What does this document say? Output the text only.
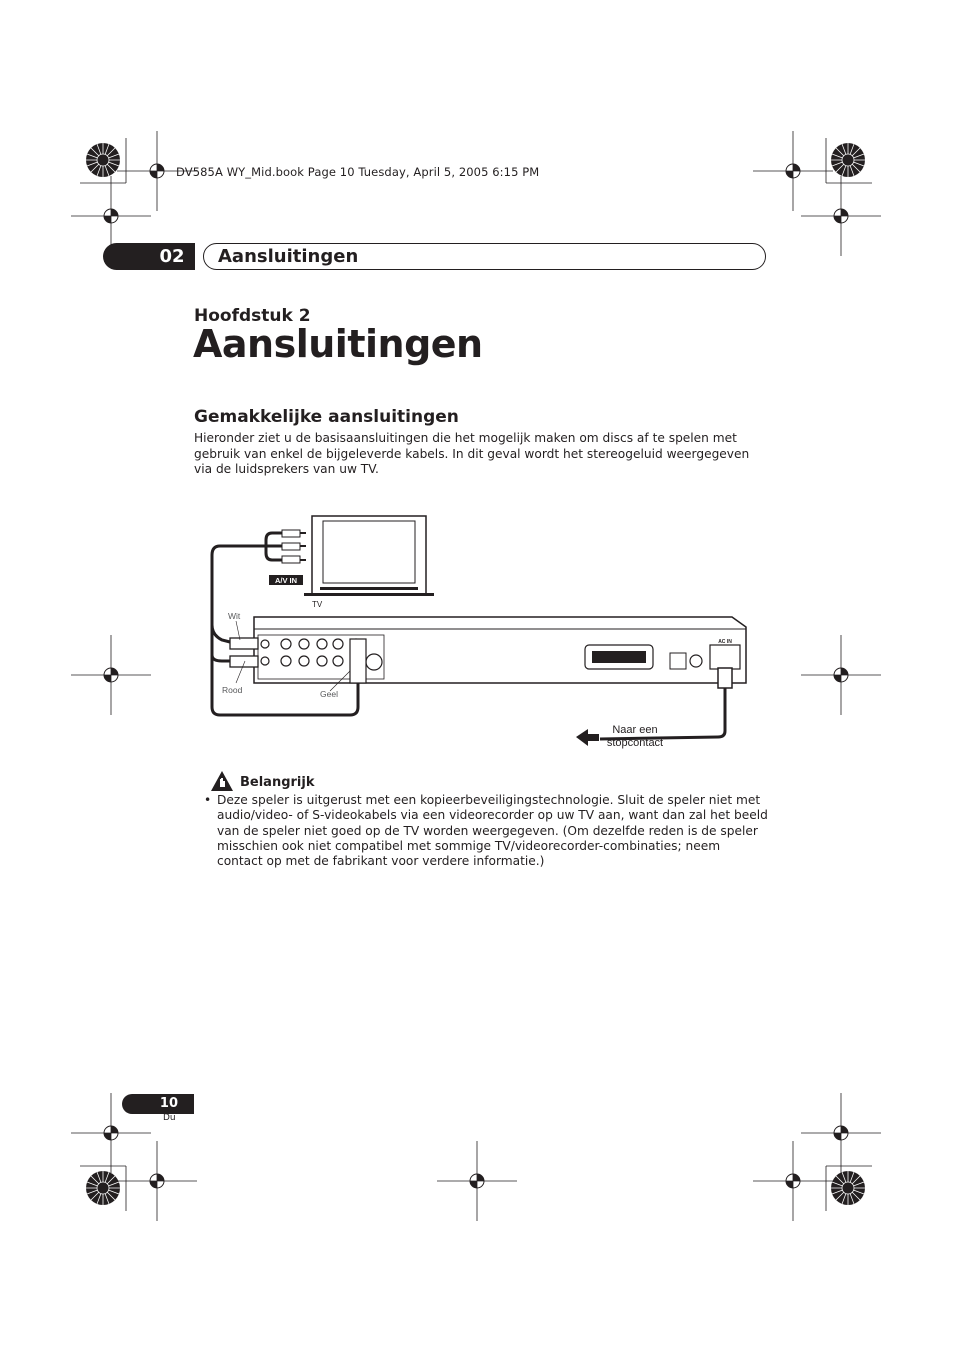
DV585A WY_Mid.book Page 10 Tuesday, April 5, 2005 6:15 PM
02	Aansluitingen
Hoofdstuk 2
Aansluitingen
Gemakkelijke aansluitingen
Hieronder ziet u de basisaansluitingen die het mogelijk maken om discs af te spelen met gebruik van enkel de bijgeleverde kabels. In dit geval wordt het stereogeluid weergegeven via de luidsprekers van uw TV.
TV
A/V IN
AC IN
Wit
Rood	Geel
Naar een
stopcontact
Belangrijk
• Deze speler is uitgerust met een kopieerbeveiligingstechnologie. Sluit de speler niet met audio/video- of S-videokabels via een videorecorder op uw TV aan, want dan zal het beeld van de speler niet goed op de TV worden weergegeven. (Om dezelfde reden is de speler misschien ook niet compatibel met sommige TV/videorecorder-combinaties; neem contact op met de fabrikant voor verdere informatie.)
10
Du
